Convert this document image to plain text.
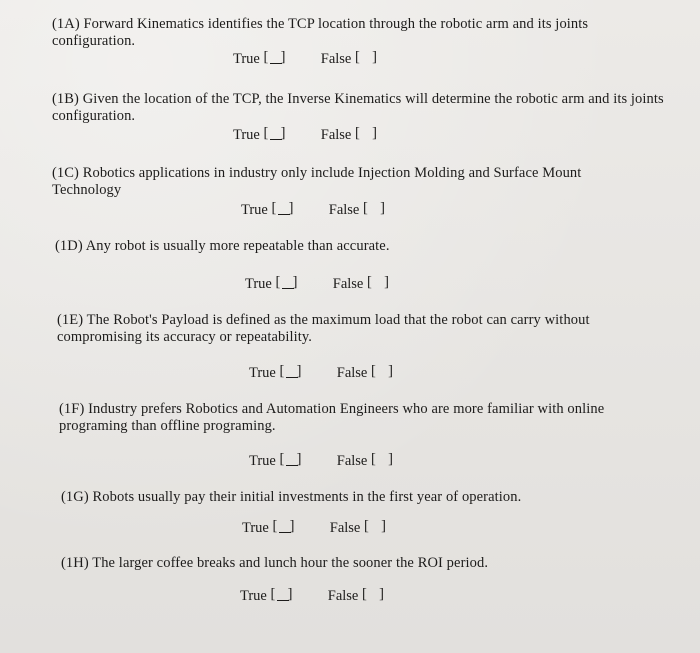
(1A) Forward Kinematics identifies the TCP location through the robotic arm and its joints configuration.
True [
]	False [ ]
(1B) Given the location of the TCP, the Inverse Kinematics will determine the robotic arm and its joints configuration.
True [
]	False [ ]
(1C) Robotics applications in industry only include Injection Molding and Surface Mount Technology
True [
]	False [ ]
(1D) Any robot is usually more repeatable than accurate.
True [
]	False [ ]
(1E) The Robot's Payload is defined as the maximum load that the robot can carry without compromising its accuracy or repeatability.
True [
]	False [ ]
(1F) Industry prefers Robotics and Automation Engineers who are more familiar with online programing than offline programing.
True [
]	False [ ]
(1G) Robots usually pay their initial investments in the first year of operation.
True [
]	False [ ]
(1H) The larger coffee breaks and lunch hour the sooner the ROI period.
True [
]	False [ ]
